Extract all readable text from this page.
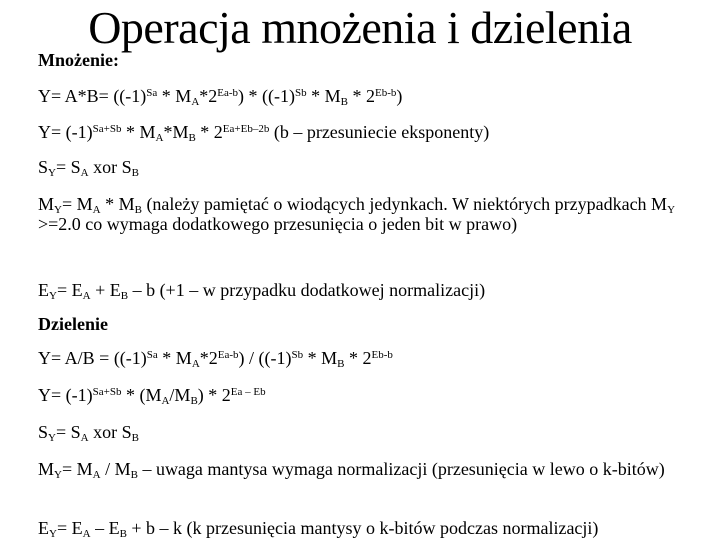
Operacja mnożenia i dzielenia
Mnożenie:
$Y= A*B= ((-1)^{Sa} * M_A*2^{Ea-b}) * ((-1)^{Sb} * M_B * 2^{Eb-b})$
$Y= (-1)^{Sa+Sb} * M_A*M_B * 2^{Ea+Eb-2b}$ (b – przesuniecie eksponenty)
$S_Y= S_A$ xor $S_B$
$M_Y= M_A * M_B$ (należy pamiętać o wiodących jedynkach. W niektórych przypadkach $M_Y >=2.0$ co wymaga dodatkowego przesunięcia o jeden bit w prawo)
$E_Y= E_A + E_B - b$ (+1 – w przypadku dodatkowej normalizacji)
Dzielenie
$Y= A/B = ((-1)^{Sa} * M_A*2^{Ea-b}) / ((-1)^{Sb} * M_B * 2^{Eb-b}$
$Y= (-1)^{Sa+Sb} * (M_A/M_B) * 2^{Ea - Eb}$
$S_Y= S_A$ xor $S_B$
$M_Y= M_A / M_B$ – uwaga mantysa wymaga normalizacji (przesunięcia w lewo o k-bitów)
$E_Y= E_A - E_B + b - k$ (k przesunięcia mantysy o k-bitów podczas normalizacji)
